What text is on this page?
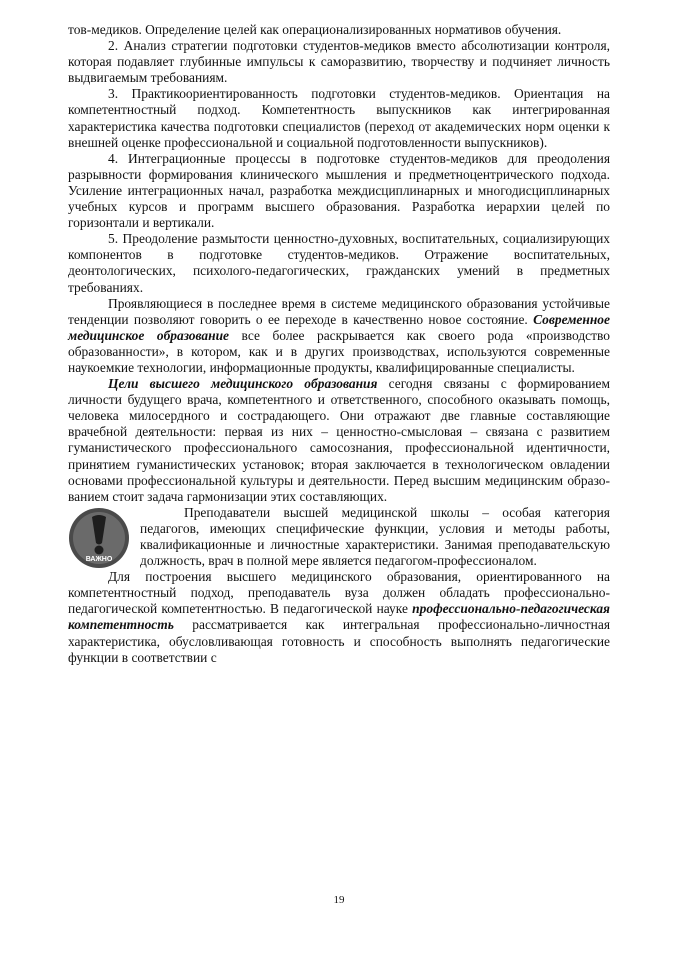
тов-медиков. Определение целей как операционализированных нормативов обучения.

2. Анализ стратегии подготовки студентов-медиков вместо абсолютизации контроля, которая подавляет глубинные импульсы к саморазвитию, творчеству и подчиняет личность выдвигаемым требованиям.

3. Практикоориентированность подготовки студентов-медиков. Ориентация на компетентностный подход. Компетентность выпускников как интегрированная характеристика качества подготовки специалистов (переход от академических норм оценки к внешней оценке профессиональной и социальной подготовленности выпускников).

4. Интеграционные процессы в подготовке студентов-медиков для преодоления разрывности формирования клинического мышления и предметноцентрического подхода. Усиление интеграционных начал, разработка междисциплинарных и многодисциплинарных учебных курсов и программ высшего образования. Разработка иерархии целей по горизонтали и вертикали.

5. Преодоление размытости ценностно-духовных, воспитательных, социализирующих компонентов в подготовке студентов-медиков. Отражение воспитательных, деонтологических, психолого-педагогических, гражданских умений в предметных требованиях.

Проявляющиеся в последнее время в системе медицинского образования устойчивые тенденции позволяют говорить о ее переходе в качественно новое состояние. Современное медицинское образование все более раскрывается как своего рода «производство образованности», в котором, как и в других производствах, используются современные наукоемкие технологии, информационные продукты, квалифицированные специалисты.

Цели высшего медицинского образования сегодня связаны с формированием личности будущего врача, компетентного и ответственного, способного оказывать помощь, человека милосердного и сострадающего. Они отражают две главные составляющие врачебной деятельности: первая из них – ценностно-смысловая – связана с развитием гуманистического профессионального самосознания, профессиональной идентичности, принятием гуманистических установок; вторая заключается в технологическом овладении основами профессиональной культуры и деятельности. Перед высшим медицинским образованием стоит задача гармонизации этих составляющих.

ВАЖНО

Преподаватели высшей медицинской школы – особая категория педагогов, имеющих специфические функции, условия и методы работы, квалификационные и личностные характеристики. Занимая преподавательскую должность, врач в полной мере является педагогом-профессионалом.

Для построения высшего медицинского образования, ориентированного на компетентностный подход, преподаватель вуза должен обладать профессионально-педагогической компетентностью. В педагогической науке профессионально-педагогическая компетентность рассматривается как интегральная профессионально-личностная характеристика, обусловливающая готовность и способность выполнять педагогические функции в соответствии с

19
